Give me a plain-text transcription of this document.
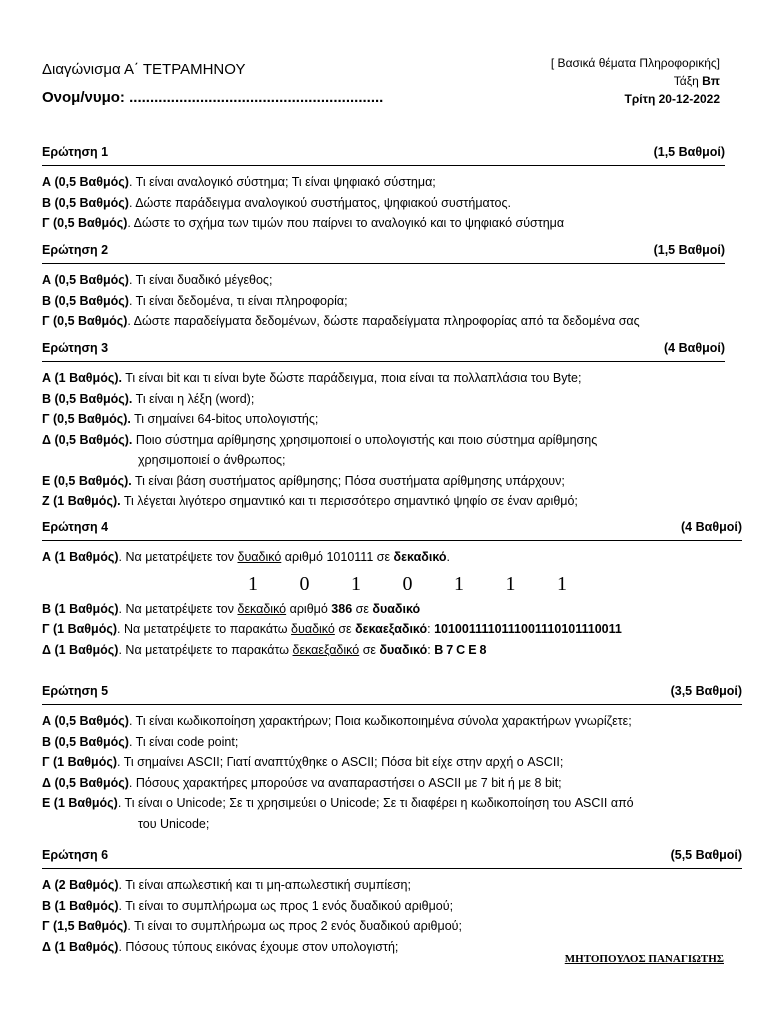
Διαγώνισμα Α΄ ΤΕΤΡΑΜΗΝΟΥ
Ονομ/νυμο: .............................................................
[ Βασικά θέματα Πληροφορικής]
Τάξη Βπ
Τρίτη 20-12-2022
Ερώτηση 1	(1,5 Βαθμοί)
Α (0,5 Βαθμός). Τι είναι αναλογικό σύστημα; Τι είναι ψηφιακό σύστημα;
Β (0,5 Βαθμός). Δώστε παράδειγμα αναλογικού συστήματος, ψηφιακού συστήματος.
Γ (0,5 Βαθμός). Δώστε το σχήμα των τιμών που παίρνει το αναλογικό και το ψηφιακό σύστημα
Ερώτηση 2	(1,5 Βαθμοί)
Α (0,5 Βαθμός). Τι είναι δυαδικό μέγεθος;
Β (0,5 Βαθμός). Τι είναι δεδομένα, τι είναι πληροφορία;
Γ (0,5 Βαθμός). Δώστε παραδείγματα δεδομένων, δώστε παραδείγματα πληροφορίας από τα δεδομένα σας
Ερώτηση 3	(4 Βαθμοί)
Α (1 Βαθμός). Τι είναι bit και τι είναι byte δώστε παράδειγμα, ποια είναι τα πολλαπλάσια του Byte;
Β (0,5 Βαθμός). Τι είναι η λέξη (word);
Γ (0,5 Βαθμός). Τι σημαίνει 64-bitος υπολογιστής;
Δ (0,5 Βαθμός). Ποιο σύστημα αρίθμησης χρησιμοποιεί ο υπολογιστής και ποιο σύστημα αρίθμησης
χρησιμοποιεί ο άνθρωπος;
Ε (0,5 Βαθμός). Τι είναι βάση συστήματος αρίθμησης; Πόσα συστήματα αρίθμησης υπάρχουν;
Ζ (1 Βαθμός). Τι λέγεται λιγότερο σημαντικό και τι περισσότερο σημαντικό ψηφίο σε έναν αριθμό;
Ερώτηση 4	(4 Βαθμοί)
Α (1 Βαθμός). Να μετατρέψετε τον δυαδικό αριθμό 1010111 σε δεκαδικό.
1	0	1	0	1	1	1
Β (1 Βαθμός). Να μετατρέψετε τον δεκαδικό αριθμό 386 σε δυαδικό
Γ (1 Βαθμός). Να μετατρέψετε το παρακάτω δυαδικό σε δεκαεξαδικό: 1010011110111001110101110011
Δ (1 Βαθμός). Να μετατρέψετε το παρακάτω δεκαεξαδικό σε δυαδικό: B7CE8
Ερώτηση 5	(3,5 Βαθμοί)
Α (0,5 Βαθμός). Τι είναι κωδικοποίηση χαρακτήρων; Ποια κωδικοποιημένα σύνολα χαρακτήρων γνωρίζετε;
Β (0,5 Βαθμός). Τι είναι code point;
Γ (1 Βαθμός). Τι σημαίνει ASCII; Γιατί αναπτύχθηκε ο ASCII; Πόσα bit είχε στην αρχή ο ASCII;
Δ (0,5 Βαθμός). Πόσους χαρακτήρες μπορούσε να αναπαραστήσει ο ASCII με 7 bit ή με 8 bit;
Ε (1 Βαθμός). Τι είναι ο Unicode; Σε τι χρησιμεύει ο Unicode; Σε τι διαφέρει η κωδικοποίηση του ASCII από
του Unicode;
Ερώτηση 6	(5,5 Βαθμοί)
Α (2 Βαθμός). Τι είναι απωλεστική και τι μη-απωλεστική συμπίεση;
Β (1 Βαθμός). Τι είναι το συμπλήρωμα ως προς 1 ενός δυαδικού αριθμού;
Γ (1,5 Βαθμός). Τι είναι το συμπλήρωμα ως προς 2 ενός δυαδικού αριθμού;
Δ (1 Βαθμός). Πόσους τύπους εικόνας έχουμε στον υπολογιστή;
ΜΗΤΟΠΟΥΛΟΣ ΠΑΝΑΓΙΩΤΗΣ
